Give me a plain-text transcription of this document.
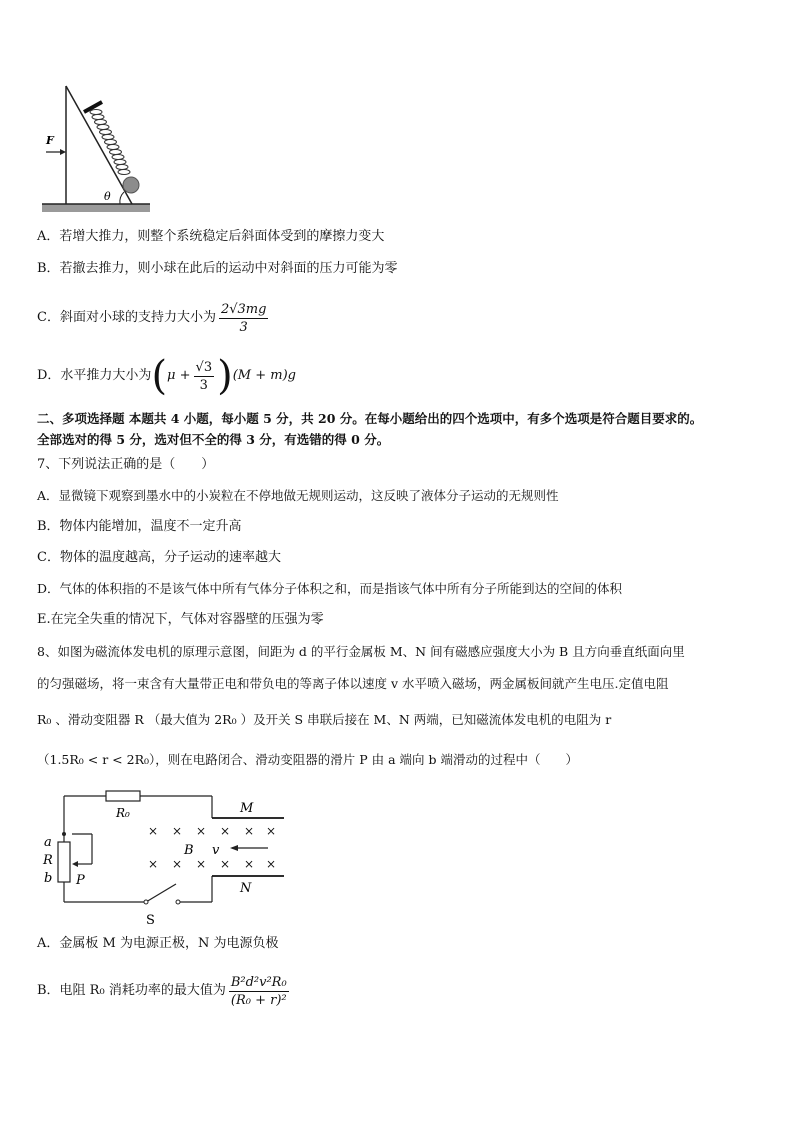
F
θ
A．若增大推力，则整个系统稳定后斜面体受到的摩擦力变大
B．若撤去推力，则小球在此后的运动中对斜面的压力可能为零
C．斜面对小球的支持力大小为 $\frac{2√3mg}{3}$
D．水平推力大小为 ( $\mu + \frac{√3}{3}$ ) (M + m)g
二、多项选择题 本题共 4 小题，每小题 5 分，共 20 分。在每小题给出的四个选项中，有多个选项是符合题目要求的。
全部选对的得 5 分，选对但不全的得 3 分，有选错的得 0 分。
7、下列说法正确的是（　　）
A．显微镜下观察到墨水中的小炭粒在不停地做无规则运动，这反映了液体分子运动的无规则性
B．物体内能增加，温度不一定升高
C．物体的温度越高，分子运动的速率越大
D．气体的体积指的不是该气体中所有气体分子体积之和，而是指该气体中所有分子所能到达的空间的体积
E.在完全失重的情况下，气体对容器壁的压强为零
8、如图为磁流体发电机的原理示意图，间距为 d 的平行金属板 M、N 间有磁感应强度大小为 B 且方向垂直纸面向里
的匀强磁场，将一束含有大量带正电和带负电的等离子体以速度 v 水平喷入磁场，两金属板间就产生电压.定值电阻
R₀ 、滑动变阻器 R （最大值为 2R₀ ）及开关 S 串联后接在 M、N 两端，已知磁流体发电机的电阻为 r
（1.5R₀ < r < 2R₀），则在电路闭合、滑动变阻器的滑片 P 由 a 端向 b 端滑动的过程中（　　）
× × × × × ×
× × × × × ×
R₀	M
N
a
R
b P
S
B v
A．金属板 M 为电源正极，N 为电源负极
B．电阻 R₀ 消耗功率的最大值为 $\frac{\text{B²d²v²R₀}}{\text{(R₀ + r)²}}$
